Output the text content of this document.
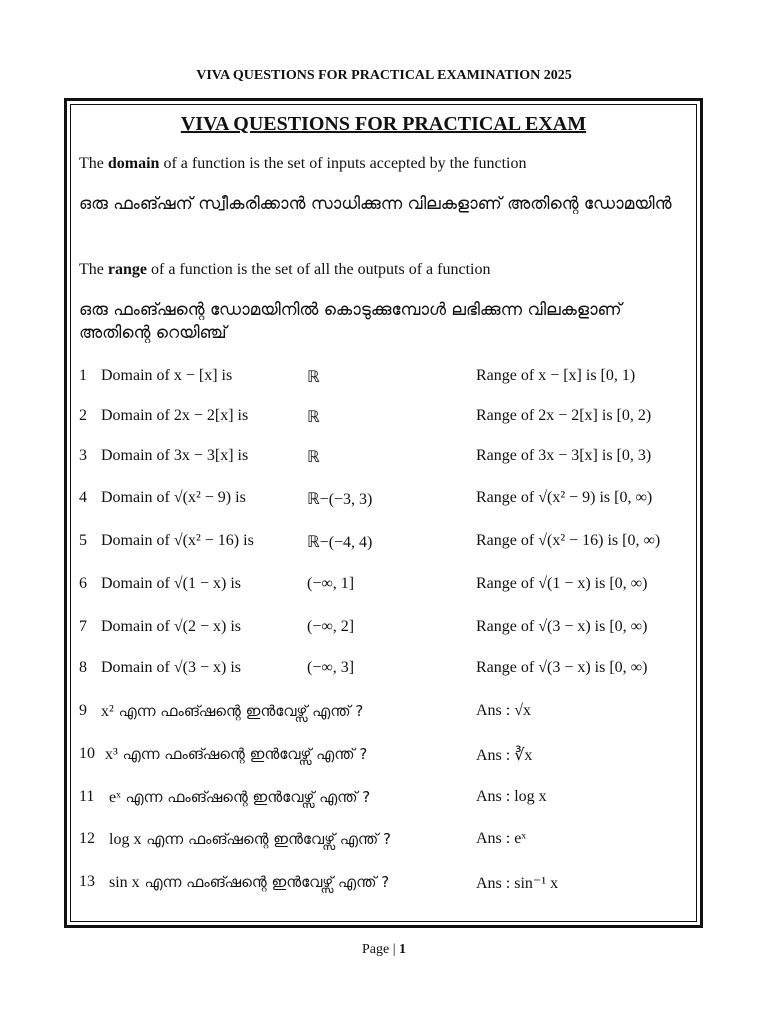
VIVA QUESTIONS FOR PRACTICAL EXAMINATION 2025
VIVA QUESTIONS FOR PRACTICAL EXAM
The domain of a function is the set of inputs accepted by the function
ഒരു ഫംങ്ഷന് സ്വീകരിക്കാൻ സാധിക്കുന്ന വിലകളാണ് അതിന്റെ ഡോമയിൻ
The range of a function is the set of all the outputs of a function
ഒരു ഫംങ്ഷന്റെ ഡോമയിനിൽ കൊടുക്കുമ്പോൾ ലഭിക്കുന്ന വിലകളാണ് അതിന്റെ റെയിഞ്ച്
1 Domain of x − [x] is	ℝ	Range of x − [x] is [0, 1)
2 Domain of 2x − 2[x] is	ℝ	Range of 2x − 2[x] is [0, 2)
3 Domain of 3x − 3[x] is	ℝ	Range of 3x − 3[x] is [0, 3)
4 Domain of √(x² − 9) is	ℝ−(−3, 3)	Range of √(x² − 9) is [0, ∞)
5 Domain of √(x² − 16) is	ℝ−(−4, 4)	Range of √(x² − 16) is [0, ∞)
6 Domain of √(1 − x) is	(−∞, 1]	Range of √(1 − x) is [0, ∞)
7 Domain of √(2 − x) is	(−∞, 2]	Range of √(3 − x) is [0, ∞)
8 Domain of √(3 − x) is	(−∞, 3]	Range of √(3 − x) is [0, ∞)
9 x² എന്ന ഫംങ്ഷന്റെ ഇൻവേഴ്സ് എന്ത് ?	Ans : √x
10 x³ എന്ന ഫംങ്ഷന്റെ ഇൻവേഴ്സ് എന്ത് ?	Ans : ∛x
11 eˣ എന്ന ഫംങ്ഷന്റെ ഇൻവേഴ്സ് എന്ത് ?	Ans : log x
12 log x എന്ന ഫംങ്ഷന്റെ ഇൻവേഴ്സ് എന്ത് ?	Ans : eˣ
13 sin x എന്ന ഫംങ്ഷന്റെ ഇൻവേഴ്സ് എന്ത് ?	Ans : sin⁻¹ x
Page | 1
